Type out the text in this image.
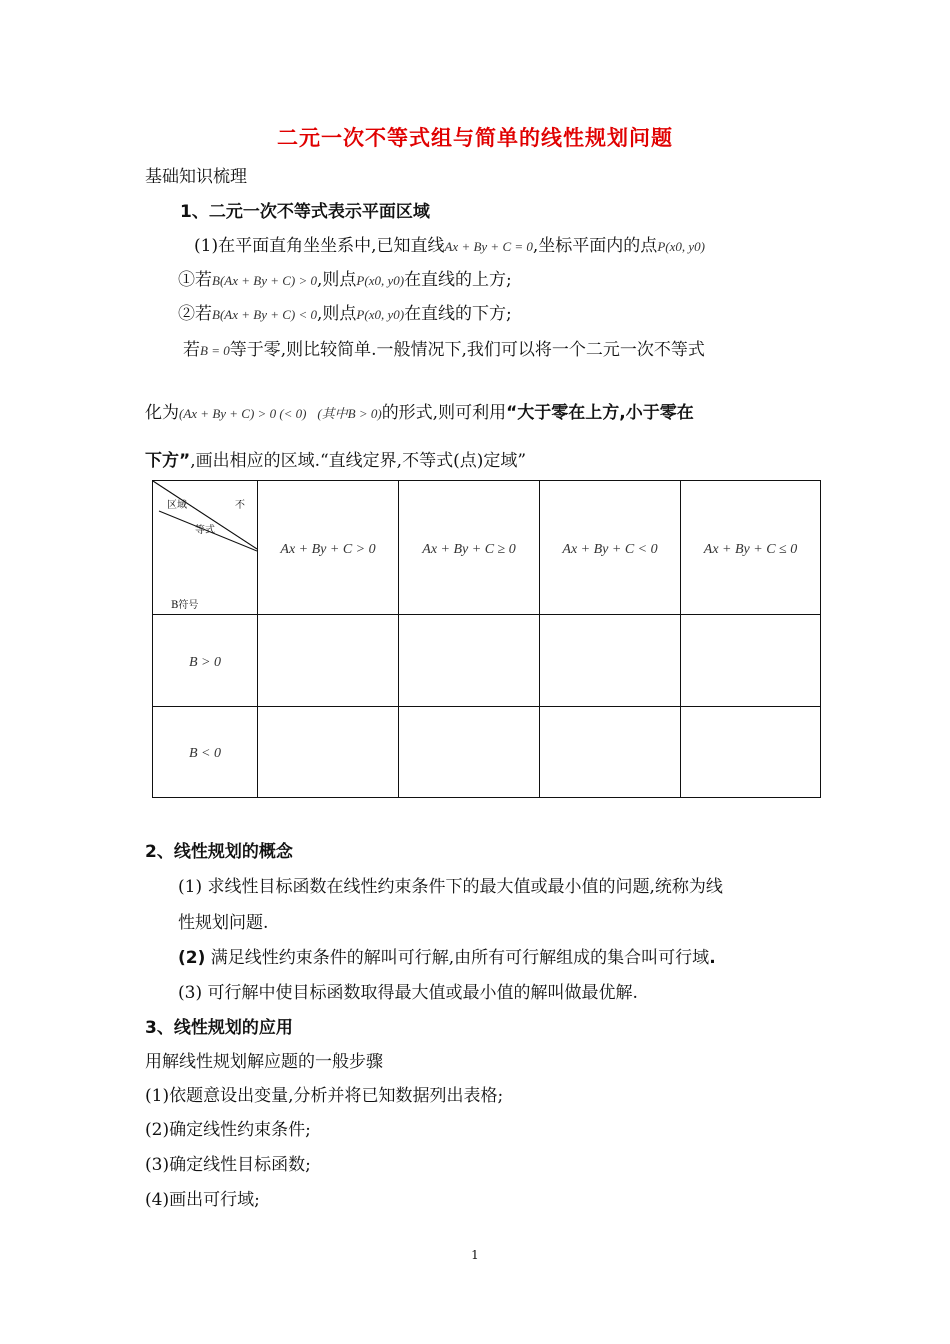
二元一次不等式组与简单的线性规划问题
基础知识梳理
1、二元一次不等式表示平面区域
(1)在平面直角坐坐系中,已知直线Ax + By + C = 0,坐标平面内的点P(x0, y0)
①若B(Ax + By + C) > 0,则点P(x0, y0)在直线的上方;
②若B(Ax + By + C) < 0,则点P(x0, y0)在直线的下方;
若B = 0等于零,则比较简单.一般情况下,我们可以将一个二元一次不等式
化为(Ax + By + C) > 0 (< 0) (其中B > 0)的形式,则可利用“大于零在上方,小于零在
下方”,画出相应的区域.“直线定界,不等式(点)定域”
区域 不
等式
B符号	Ax + By + C > 0	Ax + By + C ≥ 0	Ax + By + C < 0	Ax + By + C ≤ 0
B > 0				
B < 0				
2、线性规划的概念
(1) 求线性目标函数在线性约束条件下的最大值或最小值的问题,统称为线
性规划问题.
(2) 满足线性约束条件的解叫可行解,由所有可行解组成的集合叫可行域.
(3) 可行解中使目标函数取得最大值或最小值的解叫做最优解.
3、线性规划的应用
用解线性规划解应题的一般步骤
(1)依题意设出变量,分析并将已知数据列出表格;
(2)确定线性约束条件;
(3)确定线性目标函数;
(4)画出可行域;
1
